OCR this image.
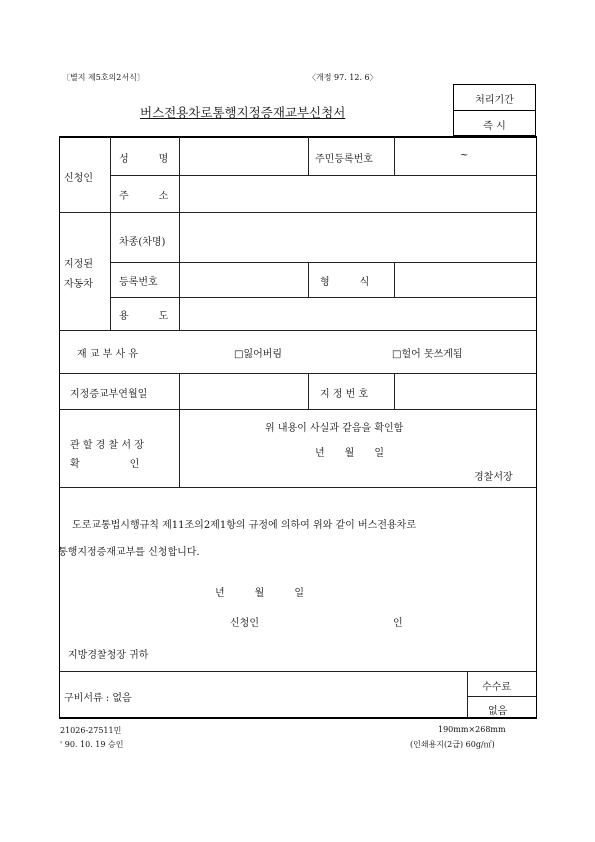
〔별지 제5호의2서식〕	〈개정 97. 12. 6〉
처리기간
즉 시
버스전용차로통행지정증재교부신청서
신청인
성　　　명	주민등록번호	~
주　　　소
지정된
자동차
차종(차명)
등록번호	형　　　식
용　　　도
재 교 부 사 유	□잃어버림	□헐어 못쓰게됨
지정증교부연월일	지 정 번 호
관 할 경 찰 서 장
확　　　　　인
위 내용이 사실과 같음을 확인함
년　　월　　일
경찰서장
도로교통법시행규칙 제11조의2제1항의 규정에 의하여 위와 같이 버스전용차로
통행지정증재교부를 신청합니다.
년　　　월　　　일
신청인	인
지방경찰청장 귀하
구비서류 : 없음
수수료
없음
21026-27511민
' 90. 10. 19 승인
190mm×268mm
(인쇄용지(2급) 60g/㎡)
